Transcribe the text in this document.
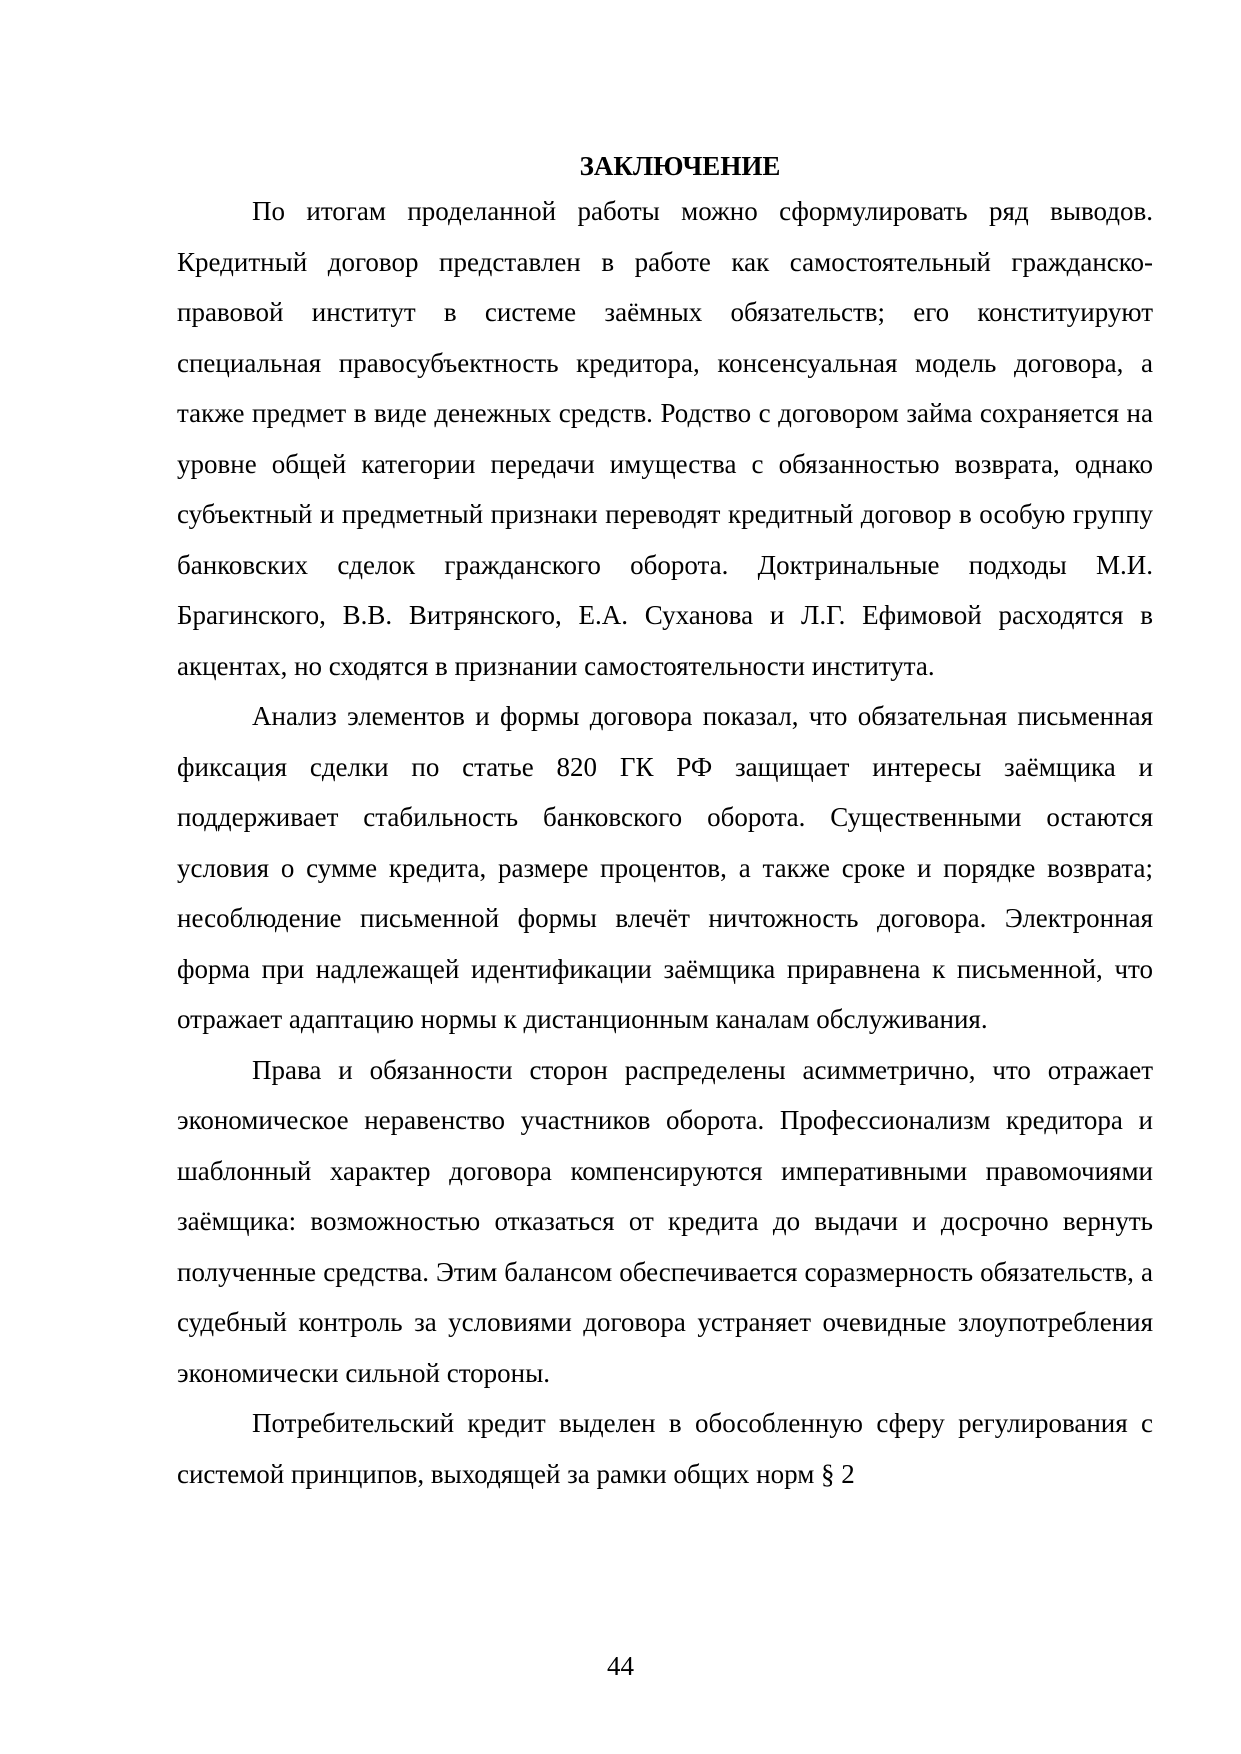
ЗАКЛЮЧЕНИЕ

По итогам проделанной работы можно сформулировать ряд выводов. Кредитный договор представлен в работе как самостоятельный гражданско-правовой институт в системе заёмных обязательств; его конституируют специальная правосубъектность кредитора, консенсуальная модель договора, а также предмет в виде денежных средств. Родство с договором займа сохраняется на уровне общей категории передачи имущества с обязанностью возврата, однако субъектный и предметный признаки переводят кредитный договор в особую группу банковских сделок гражданского оборота. Доктринальные подходы М.И. Брагинского, В.В. Витрянского, Е.А. Суханова и Л.Г. Ефимовой расходятся в акцентах, но сходятся в признании самостоятельности института.

Анализ элементов и формы договора показал, что обязательная письменная фиксация сделки по статье 820 ГК РФ защищает интересы заёмщика и поддерживает стабильность банковского оборота. Существенными остаются условия о сумме кредита, размере процентов, а также сроке и порядке возврата; несоблюдение письменной формы влечёт ничтожность договора. Электронная форма при надлежащей идентификации заёмщика приравнена к письменной, что отражает адаптацию нормы к дистанционным каналам обслуживания.

Права и обязанности сторон распределены асимметрично, что отражает экономическое неравенство участников оборота. Профессионализм кредитора и шаблонный характер договора компенсируются императивными правомочиями заёмщика: возможностью отказаться от кредита до выдачи и досрочно вернуть полученные средства. Этим балансом обеспечивается соразмерность обязательств, а судебный контроль за условиями договора устраняет очевидные злоупотребления экономически сильной стороны.

Потребительский кредит выделен в обособленную сферу регулирования с системой принципов, выходящей за рамки общих норм § 2

44
